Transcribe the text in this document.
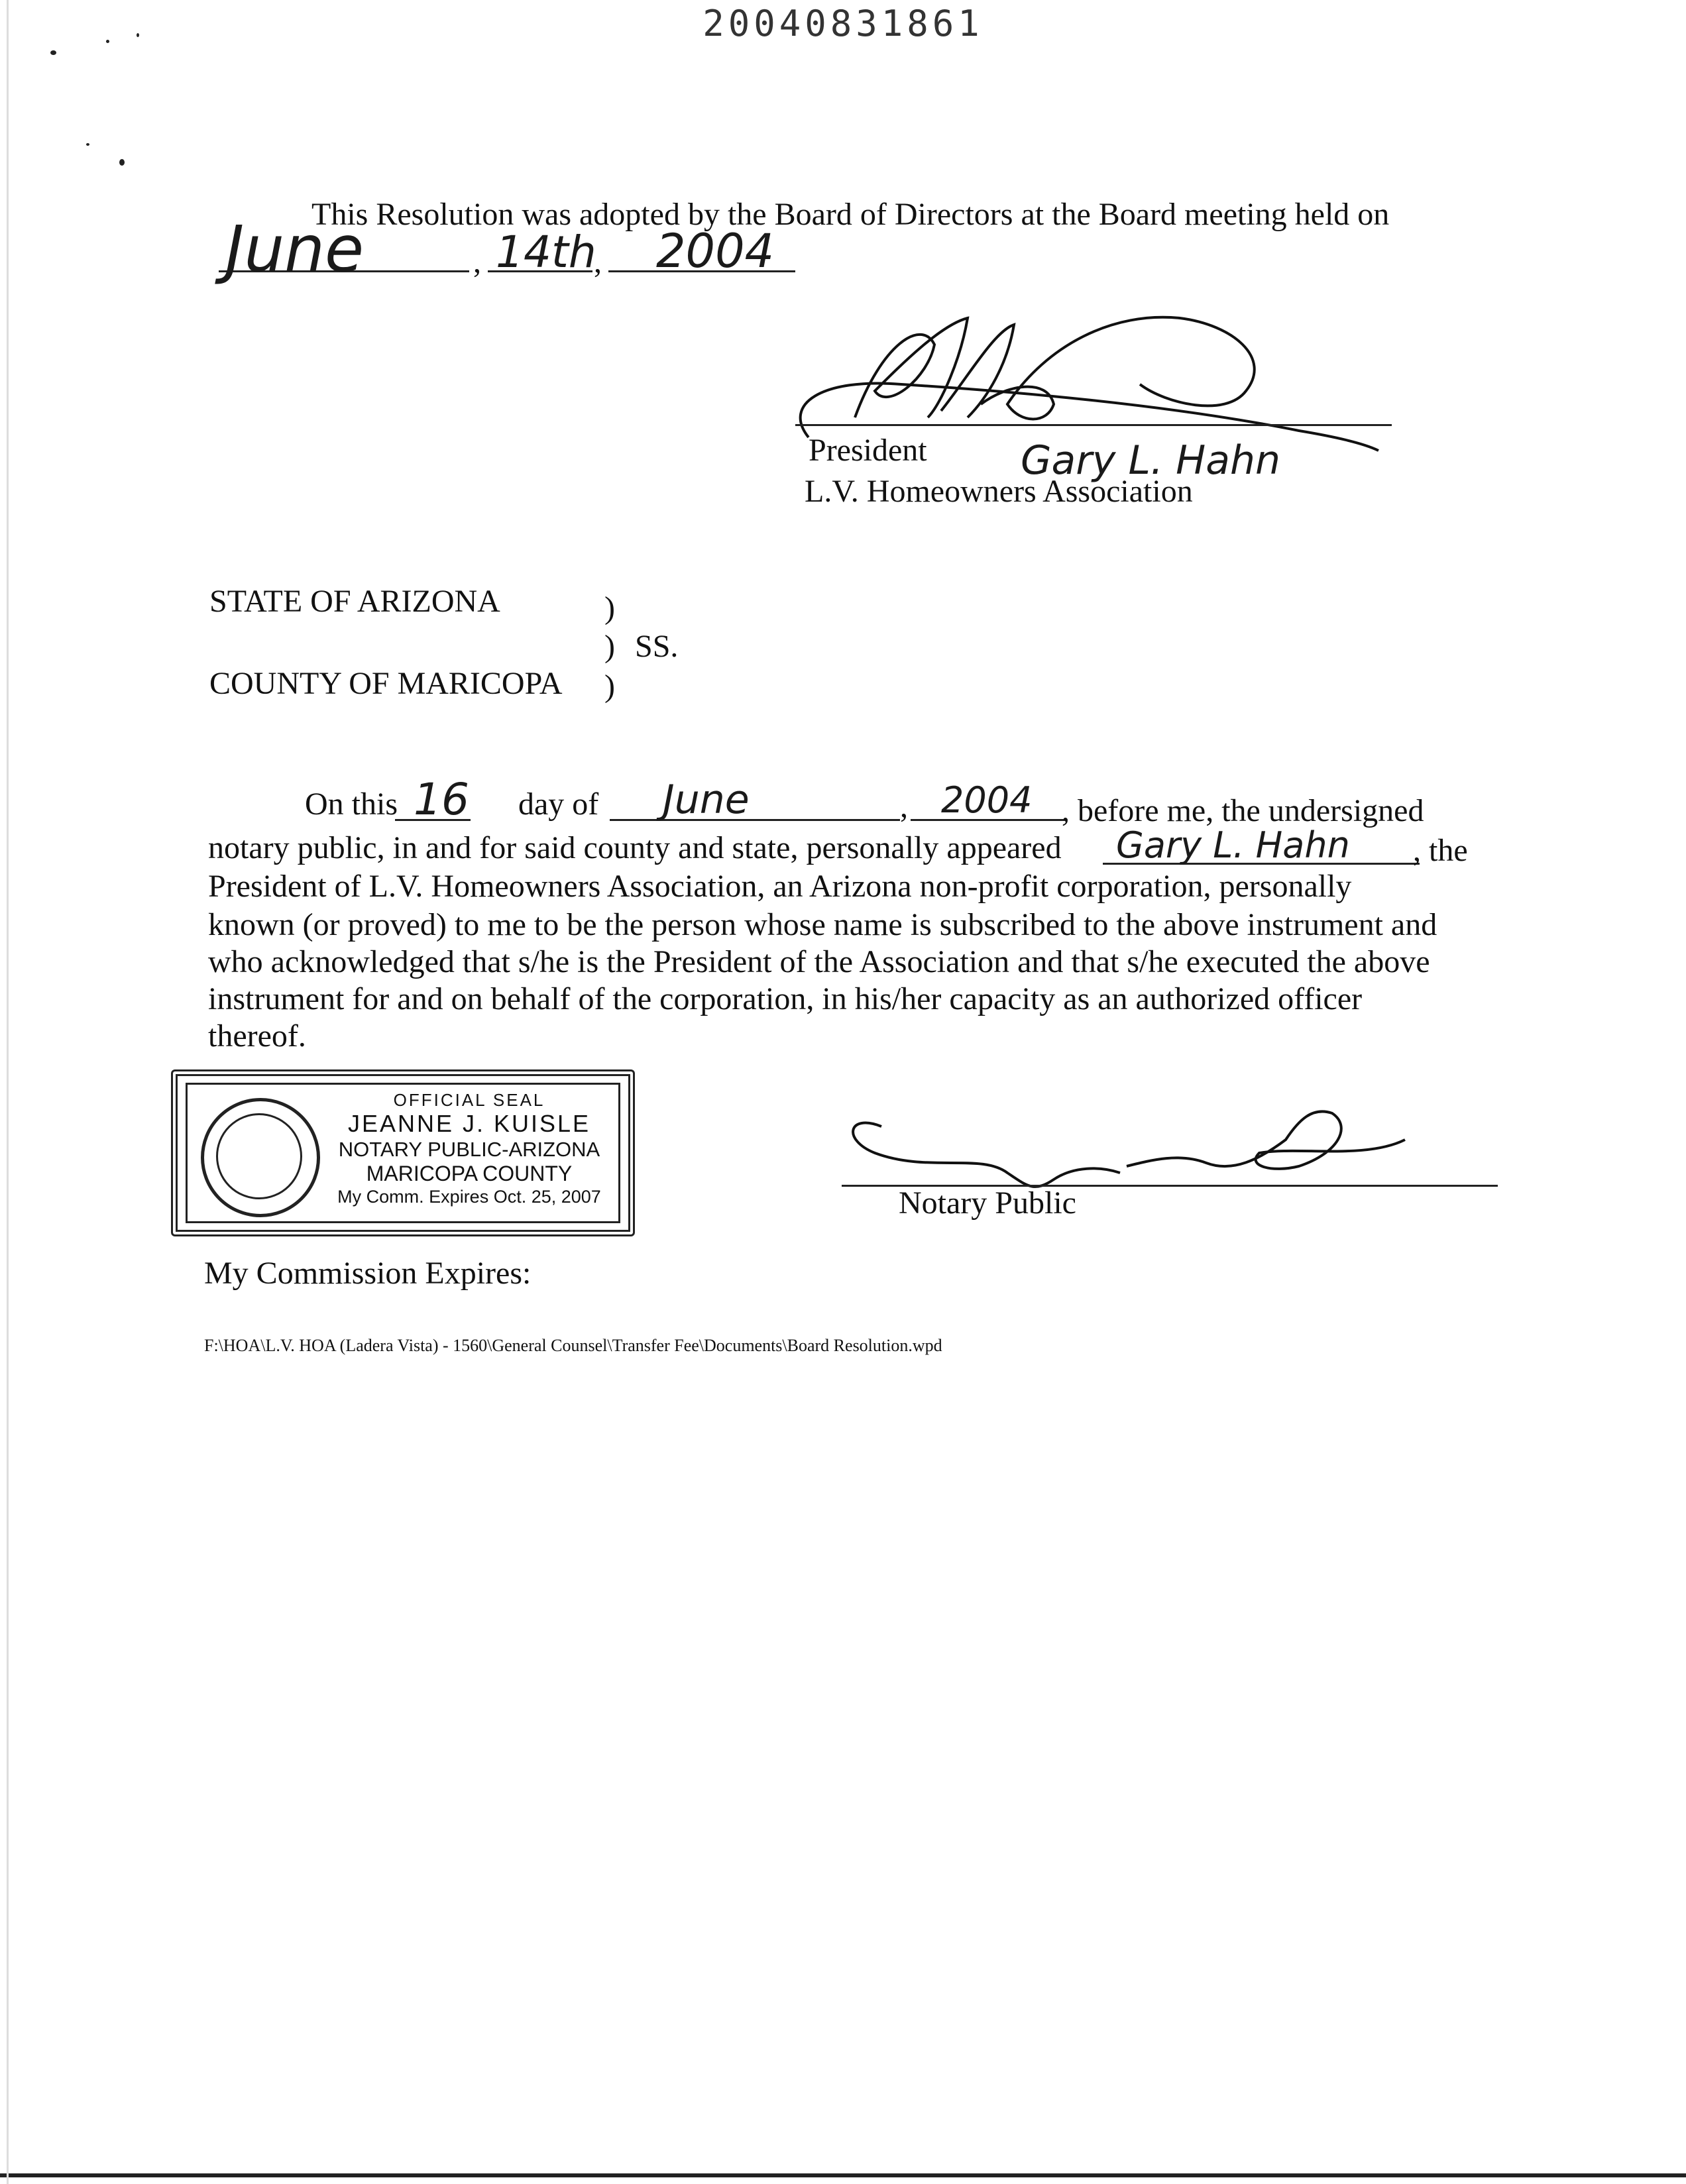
20040831861
This Resolution was adopted by the Board of Directors at the Board meeting held on
June	, 14th
, 2004
President Gary L. Hahn
L.V. Homeowners Association
STATE OF ARIZONA	)
) SS.
COUNTY OF MARICOPA )
On this 16 day of June	, 2004 , before me, the undersigned
notary public, in and for said county and state, personally appeared Gary L. Hahn , the
President of L.V. Homeowners Association, an Arizona non-profit corporation, personally
known (or proved) to me to be the person whose name is subscribed to the above instrument and
who acknowledged that s/he is the President of the Association and that s/he executed the above
instrument for and on behalf of the corporation, in his/her capacity as an authorized officer
thereof.
OFFICIAL SEAL
JEANNE J. KUISLE
NOTARY PUBLIC-ARIZONA
MARICOPA COUNTY
My Comm. Expires Oct. 25, 2007	Notary Public
My Commission Expires:
F:\HOA\L.V. HOA (Ladera Vista) - 1560\General Counsel\Transfer Fee\Documents\Board Resolution.wpd
